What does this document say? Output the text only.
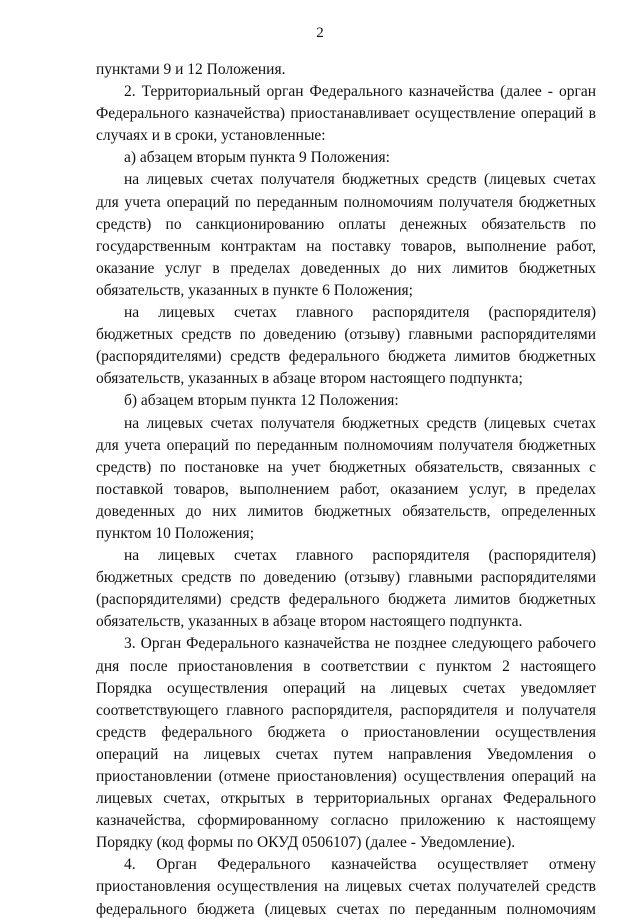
2

пунктами 9 и 12 Положения.

2. Территориальный орган Федерального казначейства (далее - орган Федерального казначейства) приостанавливает осуществление операций в случаях и в сроки, установленные:

а) абзацем вторым пункта 9 Положения:

на лицевых счетах получателя бюджетных средств (лицевых счетах для учета операций по переданным полномочиям получателя бюджетных средств) по санкционированию оплаты денежных обязательств по государственным контрактам на поставку товаров, выполнение работ, оказание услуг в пределах доведенных до них лимитов бюджетных обязательств, указанных в пункте 6 Положения;

на лицевых счетах главного распорядителя (распорядителя) бюджетных средств по доведению (отзыву) главными распорядителями (распорядителями) средств федерального бюджета лимитов бюджетных обязательств, указанных в абзаце втором настоящего подпункта;

б) абзацем вторым пункта 12 Положения:

на лицевых счетах получателя бюджетных средств (лицевых счетах для учета операций по переданным полномочиям получателя бюджетных средств) по постановке на учет бюджетных обязательств, связанных с поставкой товаров, выполнением работ, оказанием услуг, в пределах доведенных до них лимитов бюджетных обязательств, определенных пунктом 10 Положения;

на лицевых счетах главного распорядителя (распорядителя) бюджетных средств по доведению (отзыву) главными распорядителями (распорядителями) средств федерального бюджета лимитов бюджетных обязательств, указанных в абзаце втором настоящего подпункта.

3. Орган Федерального казначейства не позднее следующего рабочего дня после приостановления в соответствии с пунктом 2 настоящего Порядка осуществления операций на лицевых счетах уведомляет соответствующего главного распорядителя, распорядителя и получателя средств федерального бюджета о приостановлении осуществления операций на лицевых счетах путем направления Уведомления о приостановлении (отмене приостановления) осуществления операций на лицевых счетах, открытых в территориальных органах Федерального казначейства, сформированному согласно приложению к настоящему Порядку (код формы по ОКУД 0506107) (далее - Уведомление).

4. Орган Федерального казначейства осуществляет отмену приостановления осуществления на лицевых счетах получателей средств федерального бюджета (лицевых счетах по переданным полномочиям
